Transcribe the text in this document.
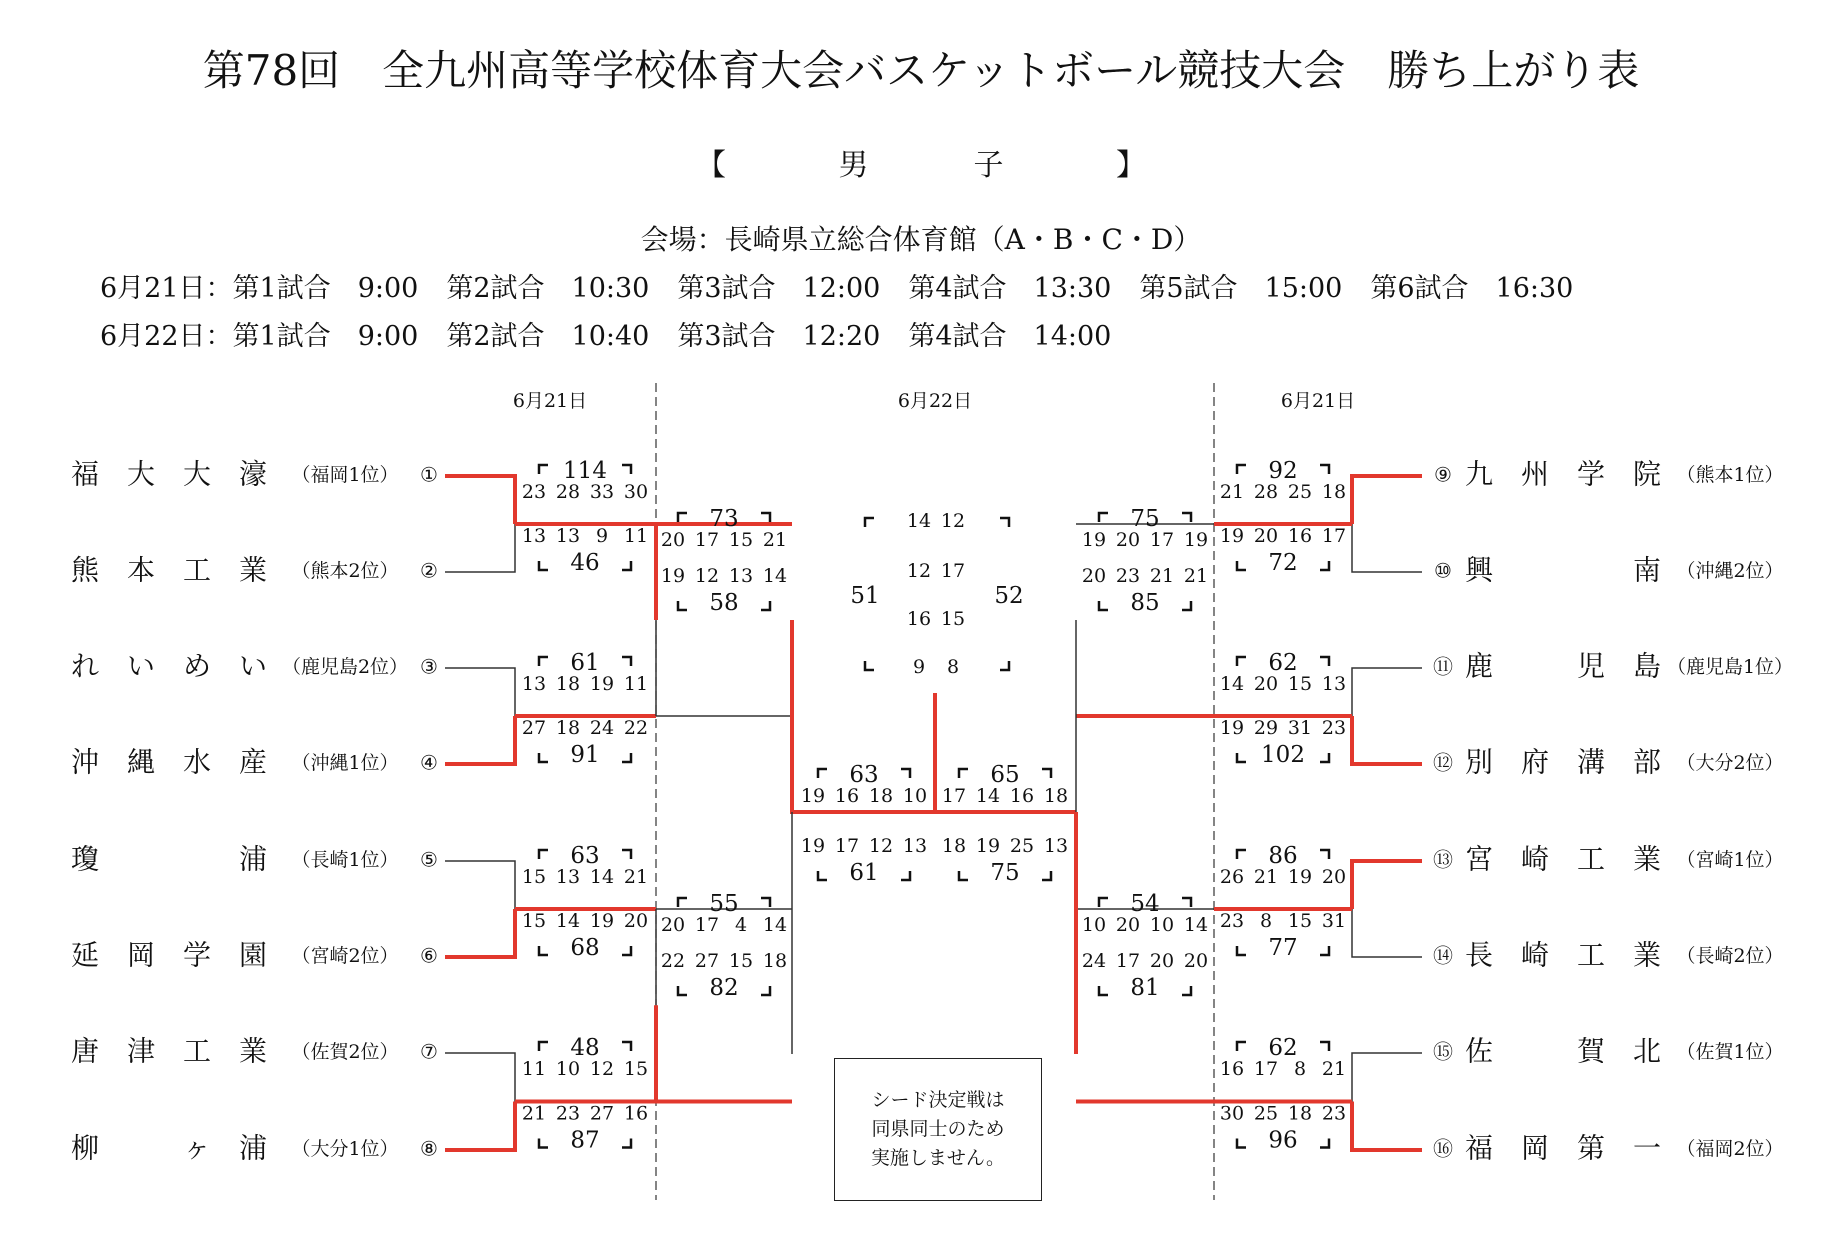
6月21日	6月22日	6月21日
福 大 大 濠 （福岡1位） ①
熊 本 工 業 （熊本2位） ②
れ い め い （鹿児島2位） ③
沖 縄 水 産 （沖縄1位） ④
瓊	浦 （長崎1位） ⑤
延 岡 学 園 （宮崎2位） ⑥
唐 津 工 業 （佐賀2位） ⑦
柳	ヶ 浦 （大分1位） ⑧
⑨ 九 州 学 院 （熊本1位）
⑩ 興	南 （沖縄2位）
⑪ 鹿	児 島 （鹿児島1位）
⑫ 別 府 溝 部 （大分2位）
⑬ 宮 崎 工 業 （宮崎1位）
⑭ 長 崎 工 業 （長崎2位）
⑮ 佐	賀 北 （佐賀1位）
⑯ 福 岡 第 一 （福岡2位）
114
23 28 33 30
13 13 9 11
46
61
13 18 19 11
27 18 24 22
91
63
15 13 14 21
15 14 19 20
68
48
11 10 12 15
21 23 27 16
87
73
20 17 15 21
19 12 13 14
58
55
20 17 4 14
22 27 15 18
82
92
21 28 25 18
19 20 16 17
72
62
14 20 15 13
19 29 31 23
102
86
26 21 19 20
23 8 15 31
77
62
16 17 8 21
30 25 18 23
96
75
19 20 17 19
20 23 21 21
85
54
10 20 10 14
24 17 20 20
81
63
19 16 18 10
19 17 12 13
61
65
17 14 16 18
18 19 25 13
75
51	52
14 12
12 17
16 15
9 8
第78回　全九州高等学校体育大会バスケットボール競技大会　勝ち上がり表
【	男	子	】
会場：長崎県立総合体育館（A・B・C・D）
6月21日：第1試合　9:00 第2試合　10:30 第3試合　12:00 第4試合　13:30 第5試合　15:00 第6試合　16:30
6月22日：第1試合　9:00 第2試合　10:40 第3試合　12:20 第4試合　14:00
シード決定戦は
同県同士のため
実施しません。
